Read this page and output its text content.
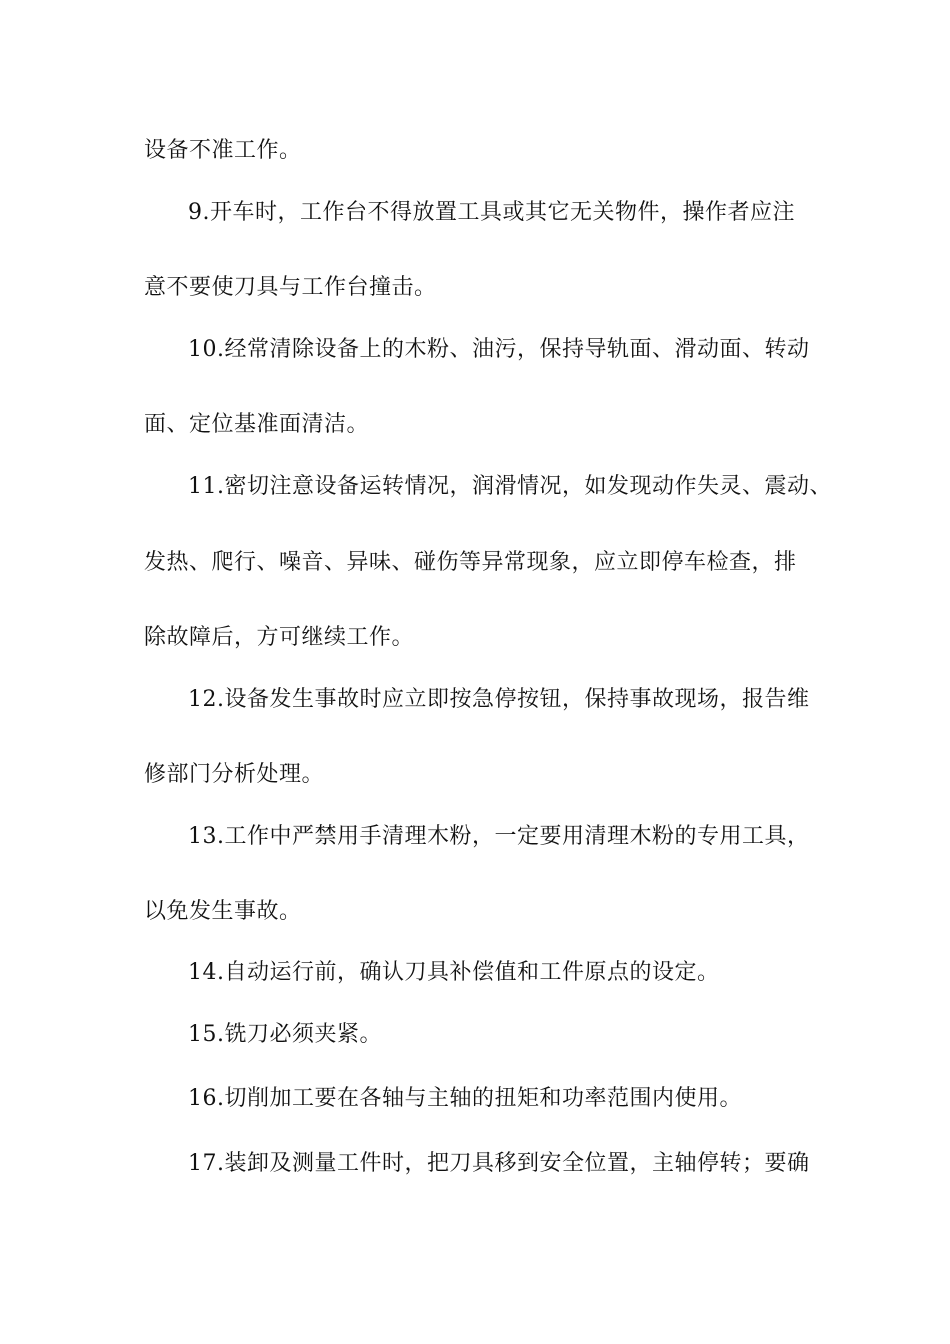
设备不准工作。
9.开车时，工作台不得放置工具或其它无关物件，操作者应注
意不要使刀具与工作台撞击。
10.经常清除设备上的木粉、油污，保持导轨面、滑动面、转动
面、定位基准面清洁。
11.密切注意设备运转情况，润滑情况，如发现动作失灵、震动、
发热、爬行、噪音、异味、碰伤等异常现象，应立即停车检查，排
除故障后，方可继续工作。
12.设备发生事故时应立即按急停按钮，保持事故现场，报告维
修部门分析处理。
13.工作中严禁用手清理木粉，一定要用清理木粉的专用工具，
以免发生事故。
14.自动运行前，确认刀具补偿值和工件原点的设定。
15.铣刀必须夹紧。
16.切削加工要在各轴与主轴的扭矩和功率范围内使用。
17.装卸及测量工件时，把刀具移到安全位置，主轴停转；要确
